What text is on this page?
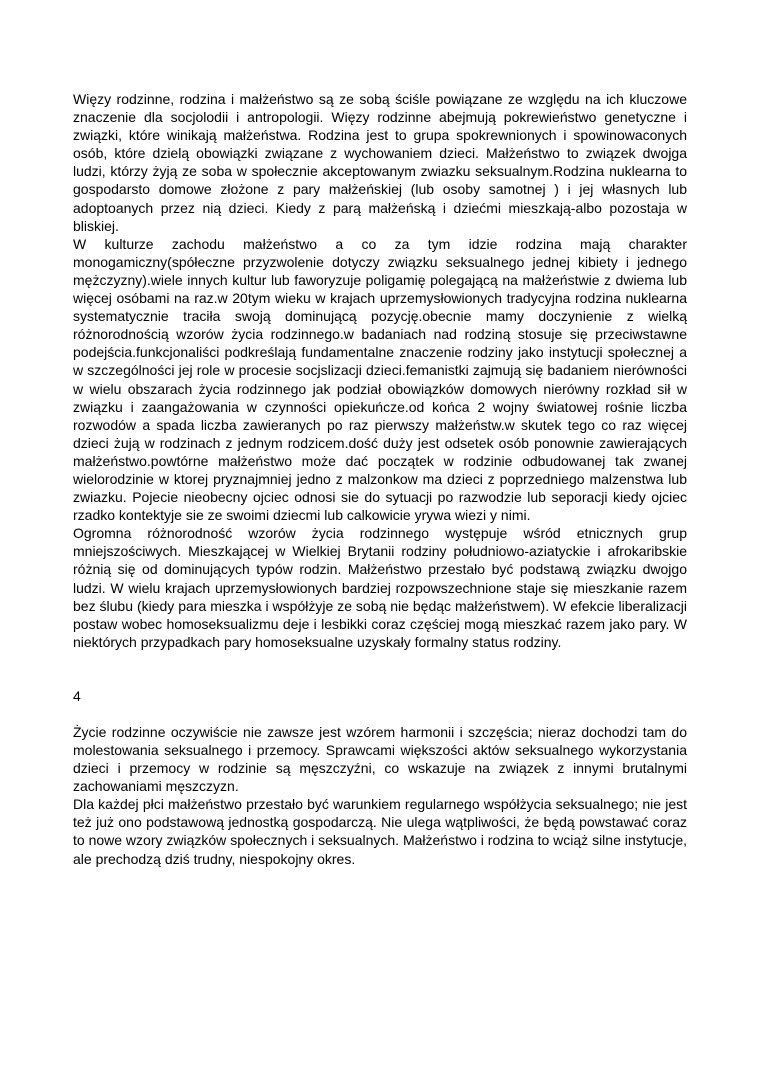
Więzy rodzinne, rodzina i małżeństwo są ze sobą ściśle powiązane ze względu na ich kluczowe znaczenie dla socjolodii i antropologii. Więzy rodzinne abejmują pokrewieństwo genetyczne i związki, które winikają małżeństwa. Rodzina jest to grupa spokrewnionych i spowinowaconych osób, które dzielą obowiązki związane z wychowaniem dzieci. Małżeństwo to związek dwojga ludzi, którzy żyją ze soba w społecznie akceptowanym zwiazku seksualnym.Rodzina nuklearna to gospodarsto domowe złożone z pary małżeńskiej (lub osoby samotnej ) i jej własnych lub adoptoanych przez nią dzieci. Kiedy z parą małżeńską i dziećmi mieszkają-albo pozostaja w bliskiej.

W kulturze zachodu małżeństwo a co za tym idzie rodzina mają charakter monogamiczny(spółeczne przyzwolenie dotyczy związku seksualnego jednej kibiety i jednego mężczyzny).wiele innych kultur lub faworyzuje poligamię polegającą na małżeństwie z dwiema lub więcej osóbami na raz.w 20tym wieku w krajach uprzemysłowionych tradycyjna rodzina nuklearna systematycznie traciła swoją dominującą pozycję.obecnie mamy doczynienie z wielką różnorodnością wzorów życia rodzinnego.w badaniach nad rodziną stosuje się przeciwstawne podejścia.funkcjonaliści podkreślają fundamentalne znaczenie rodziny jako instytucji społecznej a w szczególności jej role w procesie socjslizacji dzieci.femanistki zajmują się badaniem nierówności w wielu obszarach życia rodzinnego jak podział obowiązków domowych nierówny rozkład sił w związku i zaangażowania w czynności opiekuńcze.od końca 2 wojny światowej rośnie liczba rozwodów a spada liczba zawieranych po raz pierwszy małżeństw.w skutek tego co raz więcej dzieci żują w rodzinach z jednym rodzicem.dość duży jest odsetek osób ponownie zawierających małżeństwo.powtórne małżeństwo może dać początek w rodzinie odbudowanej tak zwanej wielorodzinie w ktorej pryznajmniej jedno z malzonkow ma dzieci z poprzedniego malzenstwa lub zwiazku. Pojecie nieobecny ojciec odnosi sie do sytuacji po razwodzie lub seporacji kiedy ojciec rzadko kontektyje sie ze swoimi dziecmi lub calkowicie yrywa wiezi y nimi.

Ogromna różnorodność wzorów życia rodzinnego występuje wśród etnicznych grup mniejszościwych. Mieszkającej w Wielkiej Brytanii rodziny południowo-aziatyckie i afrokaribskie różnią się od dominujących typów rodzin. Małżeństwo przestało być podstawą związku dwojgo ludzi. W wielu krajach uprzemysłowionych bardziej rozpowszechnione staje się mieszkanie razem bez ślubu (kiedy para mieszka i współżyje ze sobą nie będąc małżeństwem). W efekcie liberalizacji postaw wobec homoseksualizmu deje i lesbikki coraz częściej mogą mieszkać razem jako pary. W niektórych przypadkach pary homoseksualne uzyskały formalny status rodziny.

4

Życie rodzinne oczywiście nie zawsze jest wzórem harmonii i szczęścia; nieraz dochodzi tam do molestowania seksualnego i przemocy. Sprawcami większości aktów seksualnego wykorzystania dzieci i przemocy w rodzinie są męszczyźni, co wskazuje na związek z innymi brutalnymi zachowaniami męszczyzn.

Dla każdej płci małżeństwo przestało być warunkiem regularnego współżycia seksualnego; nie jest też już ono podstawową jednostką gospodarczą. Nie ulega wątpliwości, że będą powstawać coraz to nowe wzory związków społecznych i seksualnych. Małżeństwo i rodzina to wciąż silne instytucje, ale prechodzą dziś trudny, niespokojny okres.
